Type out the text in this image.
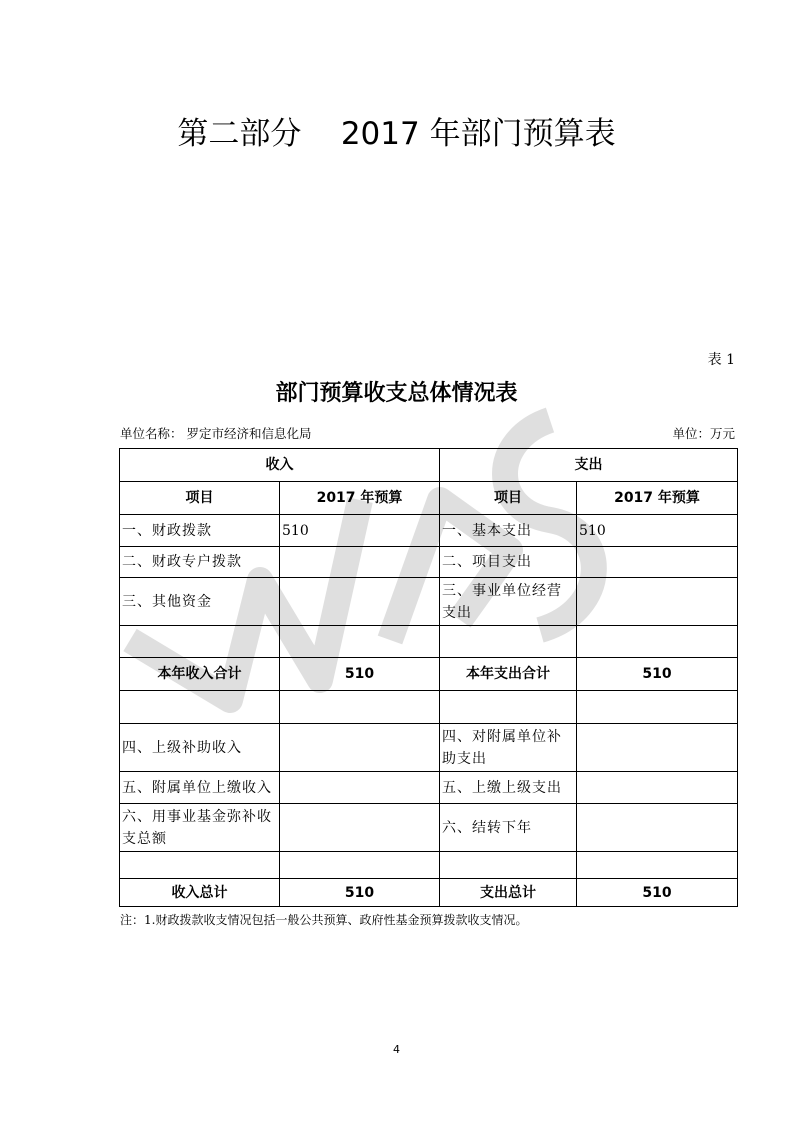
第二部分    2017 年部门预算表
表 1
部门预算收支总体情况表
单位名称： 罗定市经济和信息化局	单位：万元
收入		支出	
项目	2017 年预算	项目	2017 年预算
一、财政拨款	510	一、基本支出	510
二、财政专户拨款		二、项目支出	
三、其他资金		三、事业单位经营支出	

本年收入合计	510	本年支出合计	510

四、上级补助收入		四、对附属单位补助支出	
五、附属单位上缴收入		五、上缴上级支出	
六、用事业基金弥补收支总额		六、结转下年	

收入总计	510	支出总计	510
注：1.财政拨款收支情况包括一般公共预算、政府性基金预算拨款收支情况。
4
